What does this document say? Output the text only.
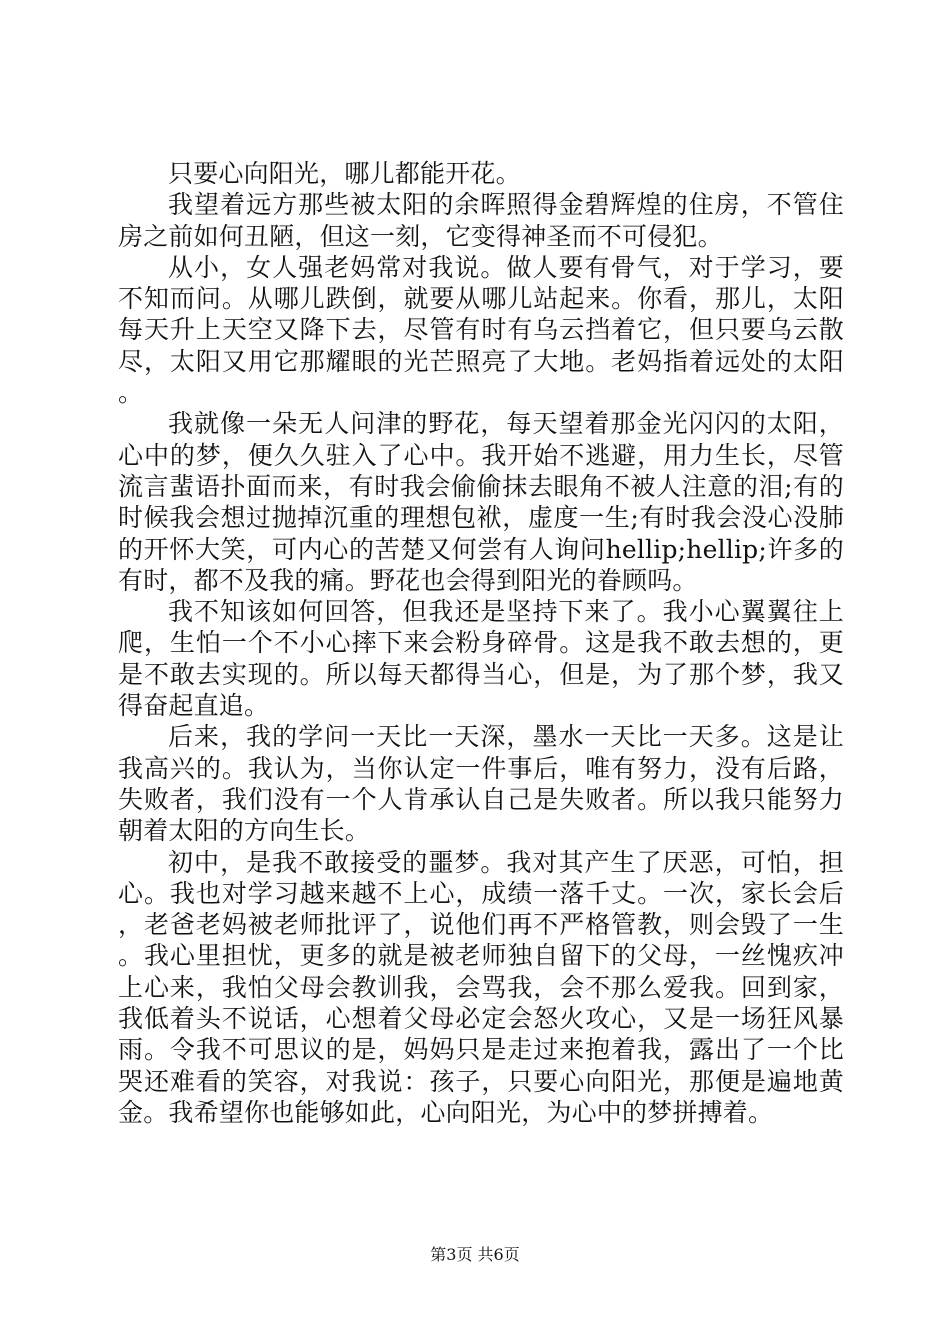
只要心向阳光，哪儿都能开花。

我望着远方那些被太阳的余晖照得金碧辉煌的住房，不管住房之前如何丑陋，但这一刻，它变得神圣而不可侵犯。

从小，女人强老妈常对我说。做人要有骨气，对于学习，要不知而问。从哪儿跌倒，就要从哪儿站起来。你看，那儿，太阳每天升上天空又降下去，尽管有时有乌云挡着它，但只要乌云散尽，太阳又用它那耀眼的光芒照亮了大地。老妈指着远处的太阳。

我就像一朵无人问津的野花，每天望着那金光闪闪的太阳，心中的梦，便久久驻入了心中。我开始不逃避，用力生长，尽管流言蜚语扑面而来，有时我会偷偷抹去眼角不被人注意的泪;有的时候我会想过抛掉沉重的理想包袱，虚度一生;有时我会没心没肺的开怀大笑，可内心的苦楚又何尝有人询问hellip;hellip;许多的有时，都不及我的痛。野花也会得到阳光的眷顾吗。

我不知该如何回答，但我还是坚持下来了。我小心翼翼往上爬，生怕一个不小心摔下来会粉身碎骨。这是我不敢去想的，更是不敢去实现的。所以每天都得当心，但是，为了那个梦，我又得奋起直追。

后来，我的学问一天比一天深，墨水一天比一天多。这是让我高兴的。我认为，当你认定一件事后，唯有努力，没有后路，失败者，我们没有一个人肯承认自己是失败者。所以我只能努力朝着太阳的方向生长。

初中，是我不敢接受的噩梦。我对其产生了厌恶，可怕，担心。我也对学习越来越不上心，成绩一落千丈。一次，家长会后，老爸老妈被老师批评了，说他们再不严格管教，则会毁了一生。我心里担忧，更多的就是被老师独自留下的父母，一丝愧疚冲上心来，我怕父母会教训我，会骂我，会不那么爱我。回到家，我低着头不说话，心想着父母必定会怒火攻心，又是一场狂风暴雨。令我不可思议的是，妈妈只是走过来抱着我，露出了一个比哭还难看的笑容，对我说：孩子，只要心向阳光，那便是遍地黄金。我希望你也能够如此，心向阳光，为心中的梦拼搏着。

第3页 共6页
